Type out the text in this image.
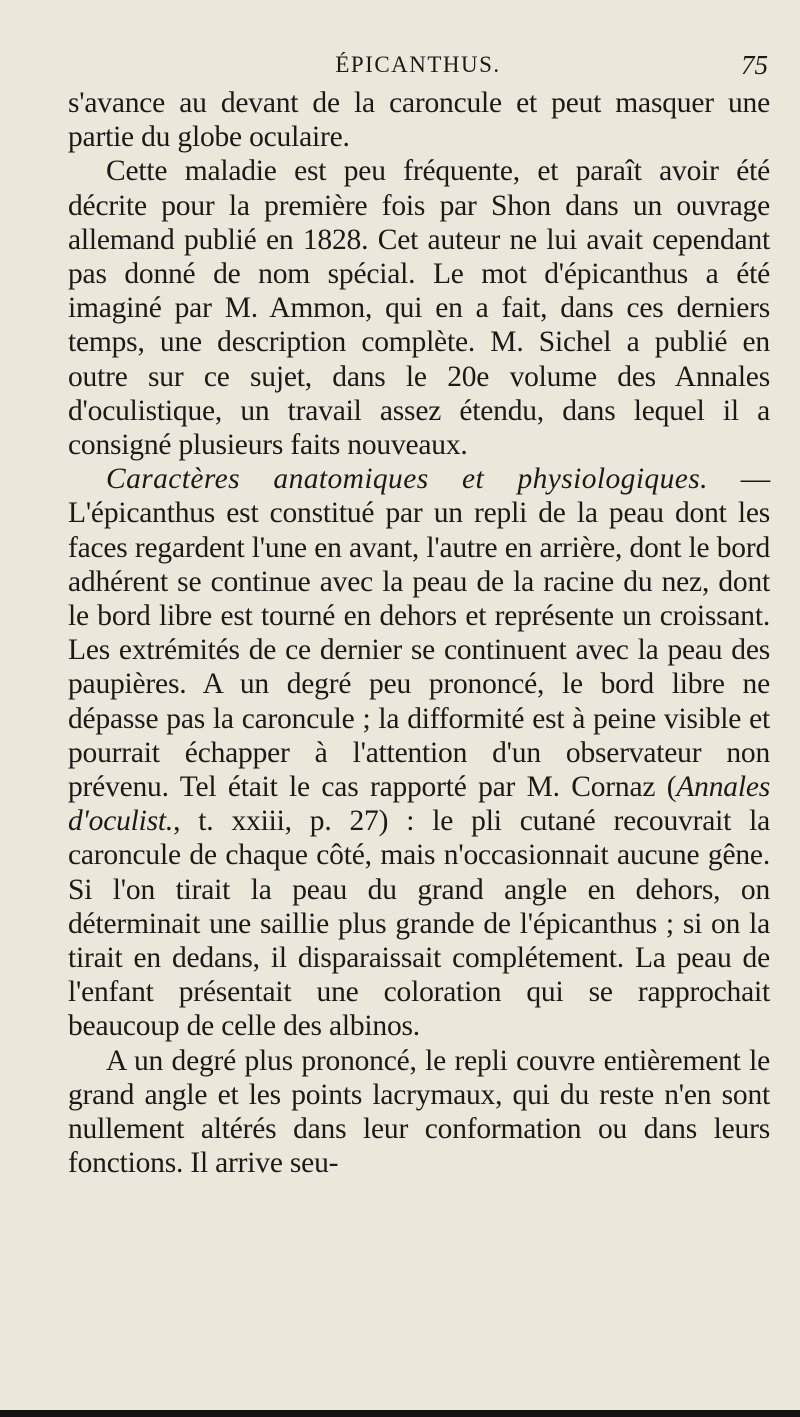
ÉPICANTHUS.	75

s'avance au devant de la caroncule et peut masquer une partie du globe oculaire.

Cette maladie est peu fréquente, et paraît avoir été décrite pour la première fois par Shon dans un ouvrage allemand publié en 1828. Cet auteur ne lui avait cependant pas donné de nom spécial. Le mot d'épicanthus a été imaginé par M. Ammon, qui en a fait, dans ces derniers temps, une description complète. M. Sichel a publié en outre sur ce sujet, dans le 20e volume des Annales d'oculistique, un travail assez étendu, dans lequel il a consigné plusieurs faits nouveaux.

Caractères anatomiques et physiologiques. — L'épicanthus est constitué par un repli de la peau dont les faces regardent l'une en avant, l'autre en arrière, dont le bord adhérent se continue avec la peau de la racine du nez, dont le bord libre est tourné en dehors et représente un croissant. Les extrémités de ce dernier se continuent avec la peau des paupières. A un degré peu prononcé, le bord libre ne dépasse pas la caroncule ; la difformité est à peine visible et pourrait échapper à l'attention d'un observateur non prévenu. Tel était le cas rapporté par M. Cornaz (Annales d'oculist., t. xxiii, p. 27) : le pli cutané recouvrait la caroncule de chaque côté, mais n'occasionnait aucune gêne. Si l'on tirait la peau du grand angle en dehors, on déterminait une saillie plus grande de l'épicanthus ; si on la tirait en dedans, il disparaissait complétement. La peau de l'enfant présentait une coloration qui se rapprochait beaucoup de celle des albinos.

A un degré plus prononcé, le repli couvre entièrement le grand angle et les points lacrymaux, qui du reste n'en sont nullement altérés dans leur conformation ou dans leurs fonctions. Il arrive seu-
